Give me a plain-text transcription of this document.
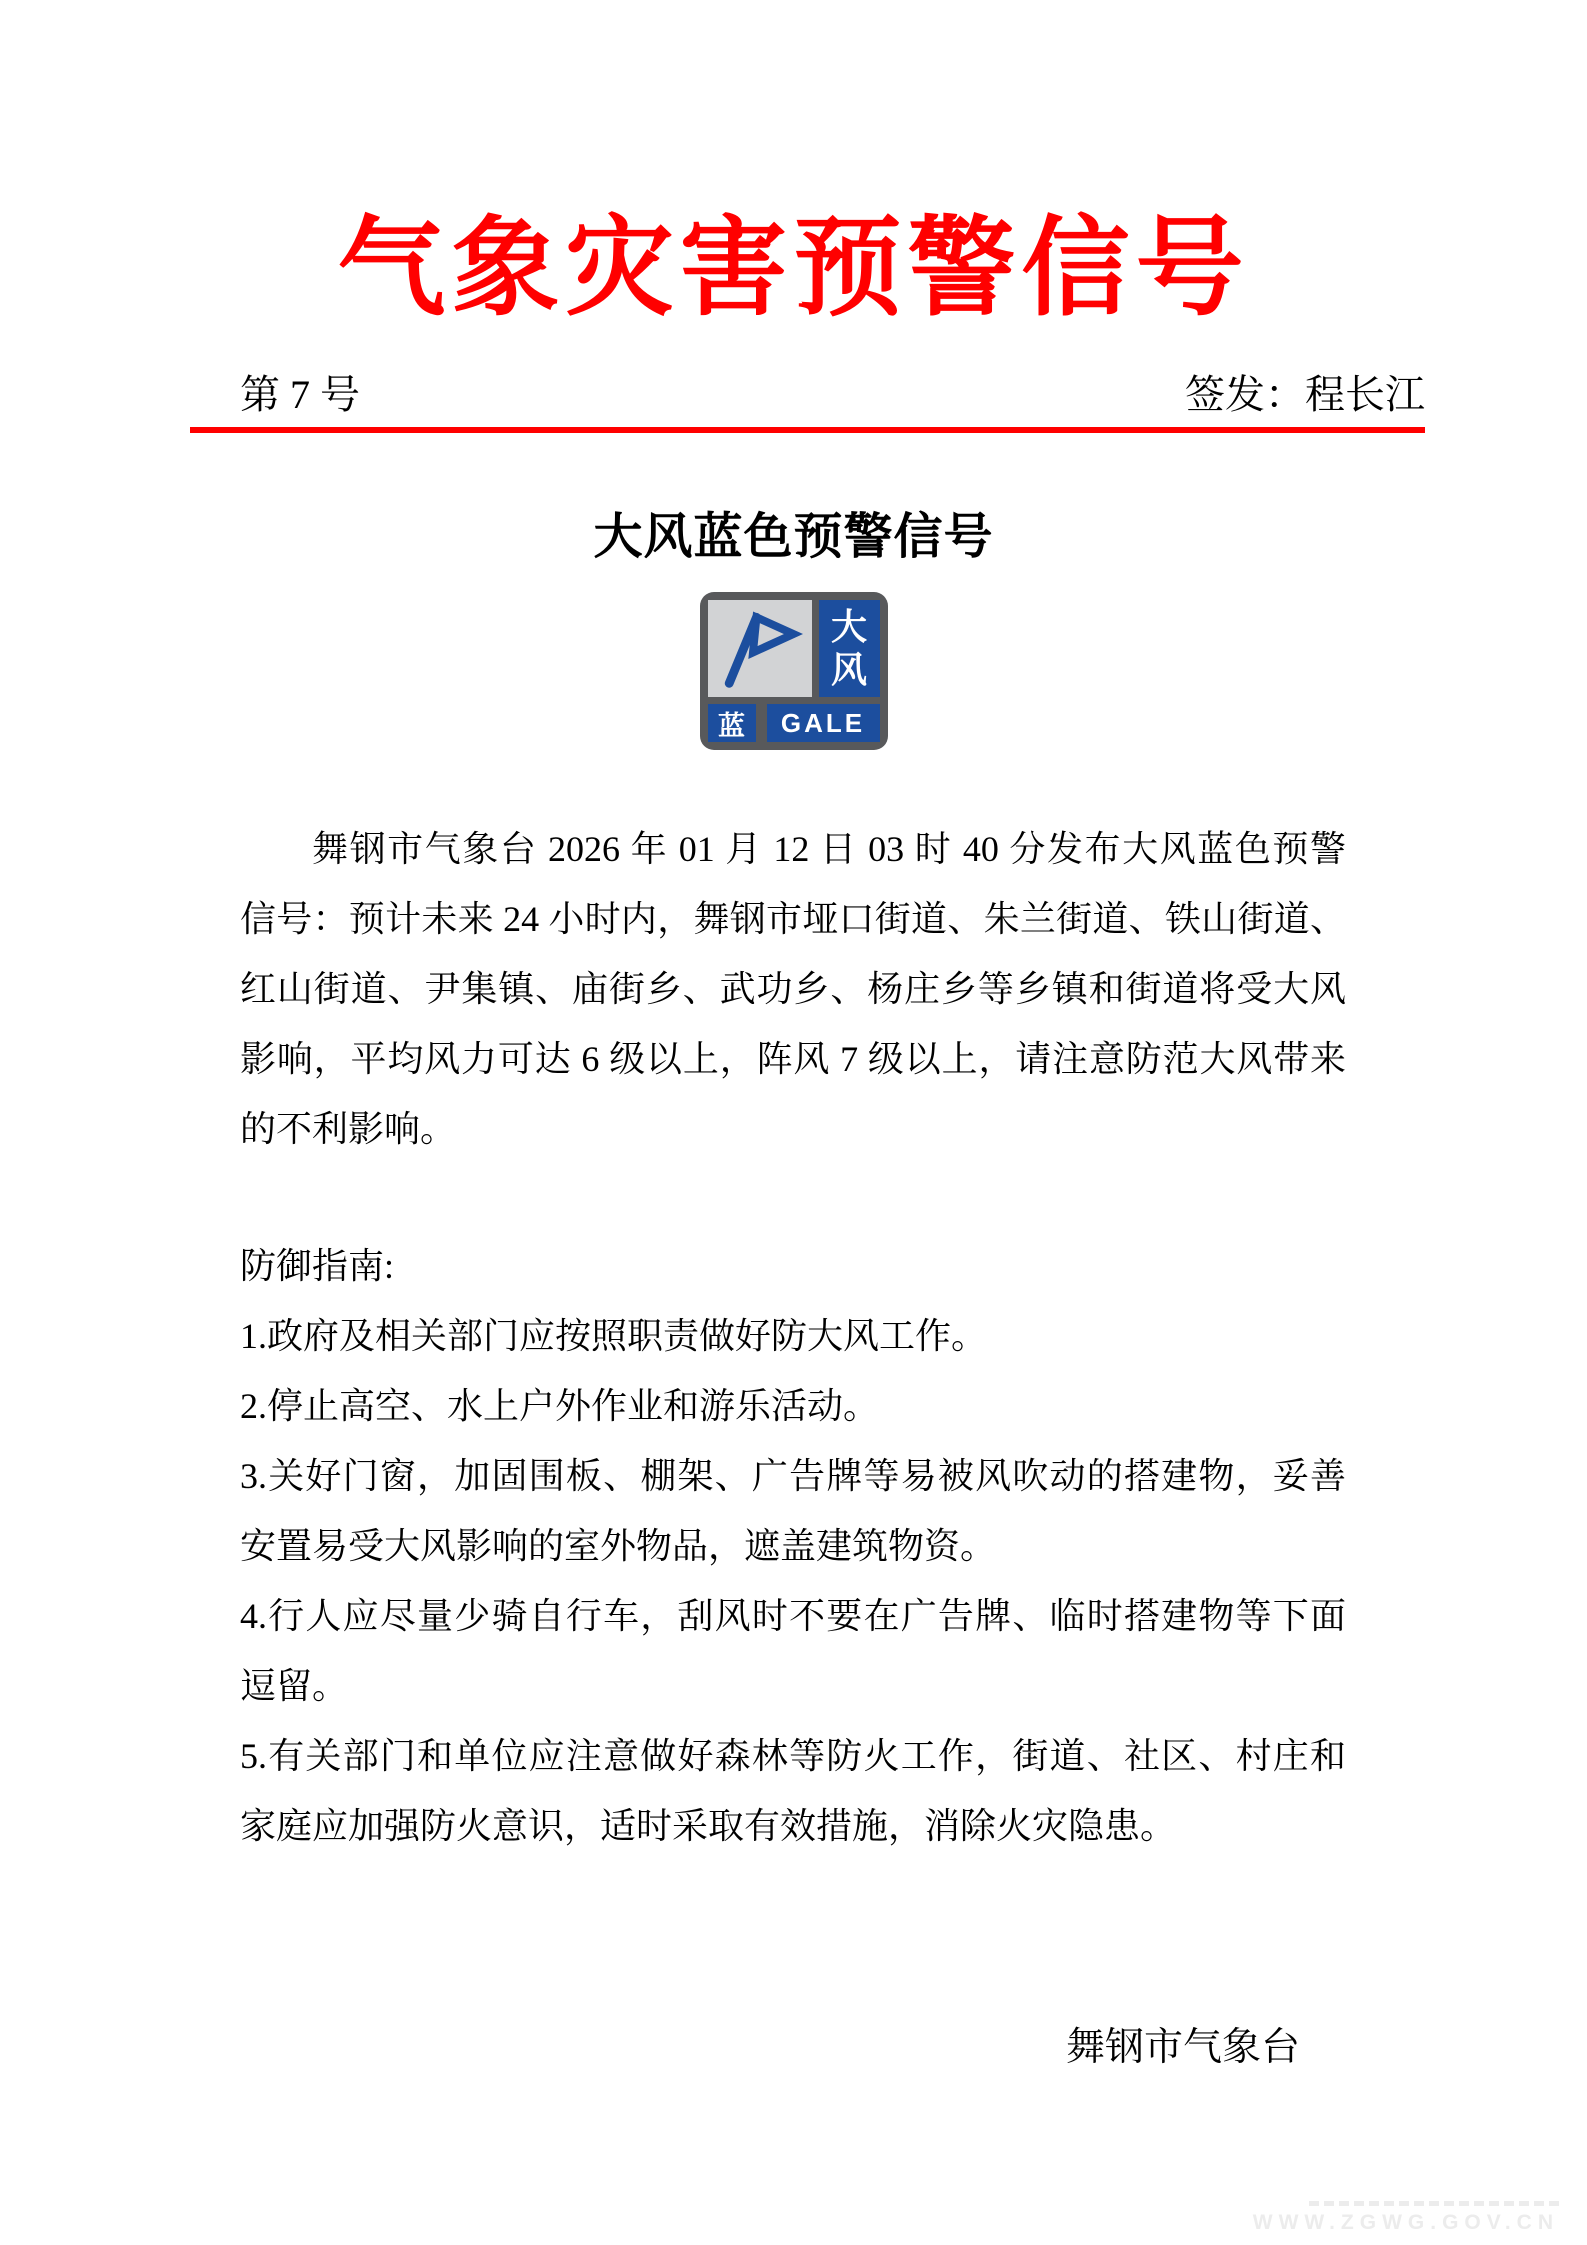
气象灾害预警信号
第 7 号	签发：程长江
大风蓝色预警信号
大
风
蓝	GALE
舞钢市气象台 2026 年 01 月 12 日 03 时 40 分发布大风蓝色预警
信号：预计未来 24 小时内，舞钢市垭口街道、朱兰街道、铁山街道、
红山街道、尹集镇、庙街乡、武功乡、杨庄乡等乡镇和街道将受大风
影响，平均风力可达 6 级以上，阵风 7 级以上，请注意防范大风带来
的不利影响。
防御指南:
1.政府及相关部门应按照职责做好防大风工作。
2.停止高空、水上户外作业和游乐活动。
3.关好门窗，加固围板、棚架、广告牌等易被风吹动的搭建物，妥善
安置易受大风影响的室外物品，遮盖建筑物资。
4.行人应尽量少骑自行车，刮风时不要在广告牌、临时搭建物等下面
逗留。
5.有关部门和单位应注意做好森林等防火工作，街道、社区、村庄和
家庭应加强防火意识，适时采取有效措施，消除火灾隐患。
舞钢市气象台
WWW.ZGWG.GOV.CN
